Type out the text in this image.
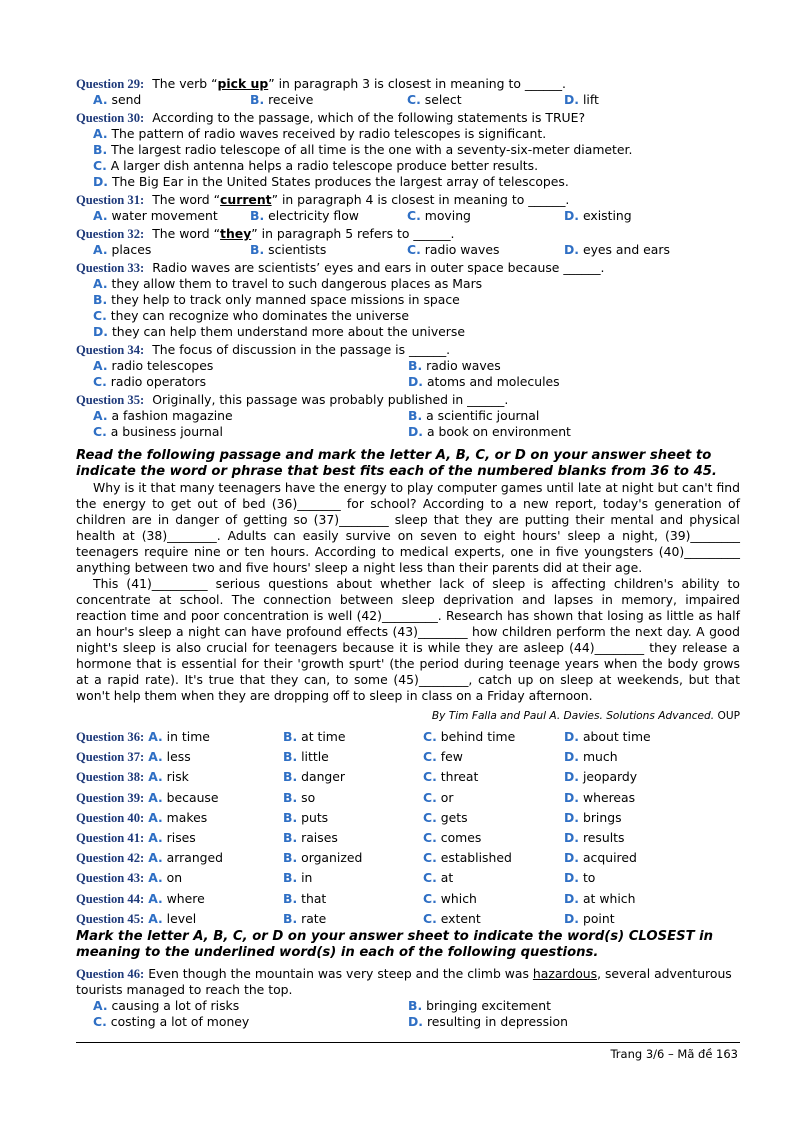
Question 29: The verb “pick up” in paragraph 3 is closest in meaning to ______.
A. send	B. receive	C. select	D. lift
Question 30: According to the passage, which of the following statements is TRUE?
A. The pattern of radio waves received by radio telescopes is significant.
B. The largest radio telescope of all time is the one with a seventy-six-meter diameter.
C. A larger dish antenna helps a radio telescope produce better results.
D. The Big Ear in the United States produces the largest array of telescopes.
Question 31: The word “current” in paragraph 4 is closest in meaning to ______.
A. water movement	B. electricity flow	C. moving	D. existing
Question 32: The word “they” in paragraph 5 refers to ______.
A. places	B. scientists	C. radio waves	D. eyes and ears
Question 33: Radio waves are scientists’ eyes and ears in outer space because ______.
A. they allow them to travel to such dangerous places as Mars
B. they help to track only manned space missions in space
C. they can recognize who dominates the universe
D. they can help them understand more about the universe
Question 34: The focus of discussion in the passage is ______.
A. radio telescopes	B. radio waves
C. radio operators	D. atoms and molecules
Question 35: Originally, this passage was probably published in ______.
A. a fashion magazine	B. a scientific journal
C. a business journal	D. a book on environment
Read the following passage and mark the letter A, B, C, or D on your answer sheet to indicate the word or phrase that best fits each of the numbered blanks from 36 to 45.
Why is it that many teenagers have the energy to play computer games until late at night but can't find the energy to get out of bed (36)_______ for school? According to a new report, today's generation of children are in danger of getting so (37)________ sleep that they are putting their mental and physical health at (38)________. Adults can easily survive on seven to eight hours' sleep a night, (39)________ teenagers require nine or ten hours. According to medical experts, one in five youngsters (40)_________ anything between two and five hours' sleep a night less than their parents did at their age.
This (41)_________ serious questions about whether lack of sleep is affecting children's ability to concentrate at school. The connection between sleep deprivation and lapses in memory, impaired reaction time and poor concentration is well (42)_________. Research has shown that losing as little as half an hour's sleep a night can have profound effects (43)________ how children perform the next day. A good night's sleep is also crucial for teenagers because it is while they are asleep (44)________ they release a hormone that is essential for their 'growth spurt' (the period during teenage years when the body grows at a rapid rate). It's true that they can, to some (45)________, catch up on sleep at weekends, but that won't help them when they are dropping off to sleep in class on a Friday afternoon.
By Tim Falla and Paul A. Davies. Solutions Advanced. OUP
Question 36: A. in time	B. at time	C. behind time	D. about time
Question 37: A. less	B. little	C. few	D. much
Question 38: A. risk	B. danger	C. threat	D. jeopardy
Question 39: A. because	B. so	C. or	D. whereas
Question 40: A. makes	B. puts	C. gets	D. brings
Question 41: A. rises	B. raises	C. comes	D. results
Question 42: A. arranged	B. organized	C. established	D. acquired
Question 43: A. on	B. in	C. at	D. to
Question 44: A. where	B. that	C. which	D. at which
Question 45: A. level	B. rate	C. extent	D. point
Mark the letter A, B, C, or D on your answer sheet to indicate the word(s) CLOSEST in meaning to the underlined word(s) in each of the following questions.
Question 46: Even though the mountain was very steep and the climb was hazardous, several adventurous tourists managed to reach the top.
A. causing a lot of risks	B. bringing excitement
C. costing a lot of money	D. resulting in depression
Trang 3/6 – Mã đề 163
